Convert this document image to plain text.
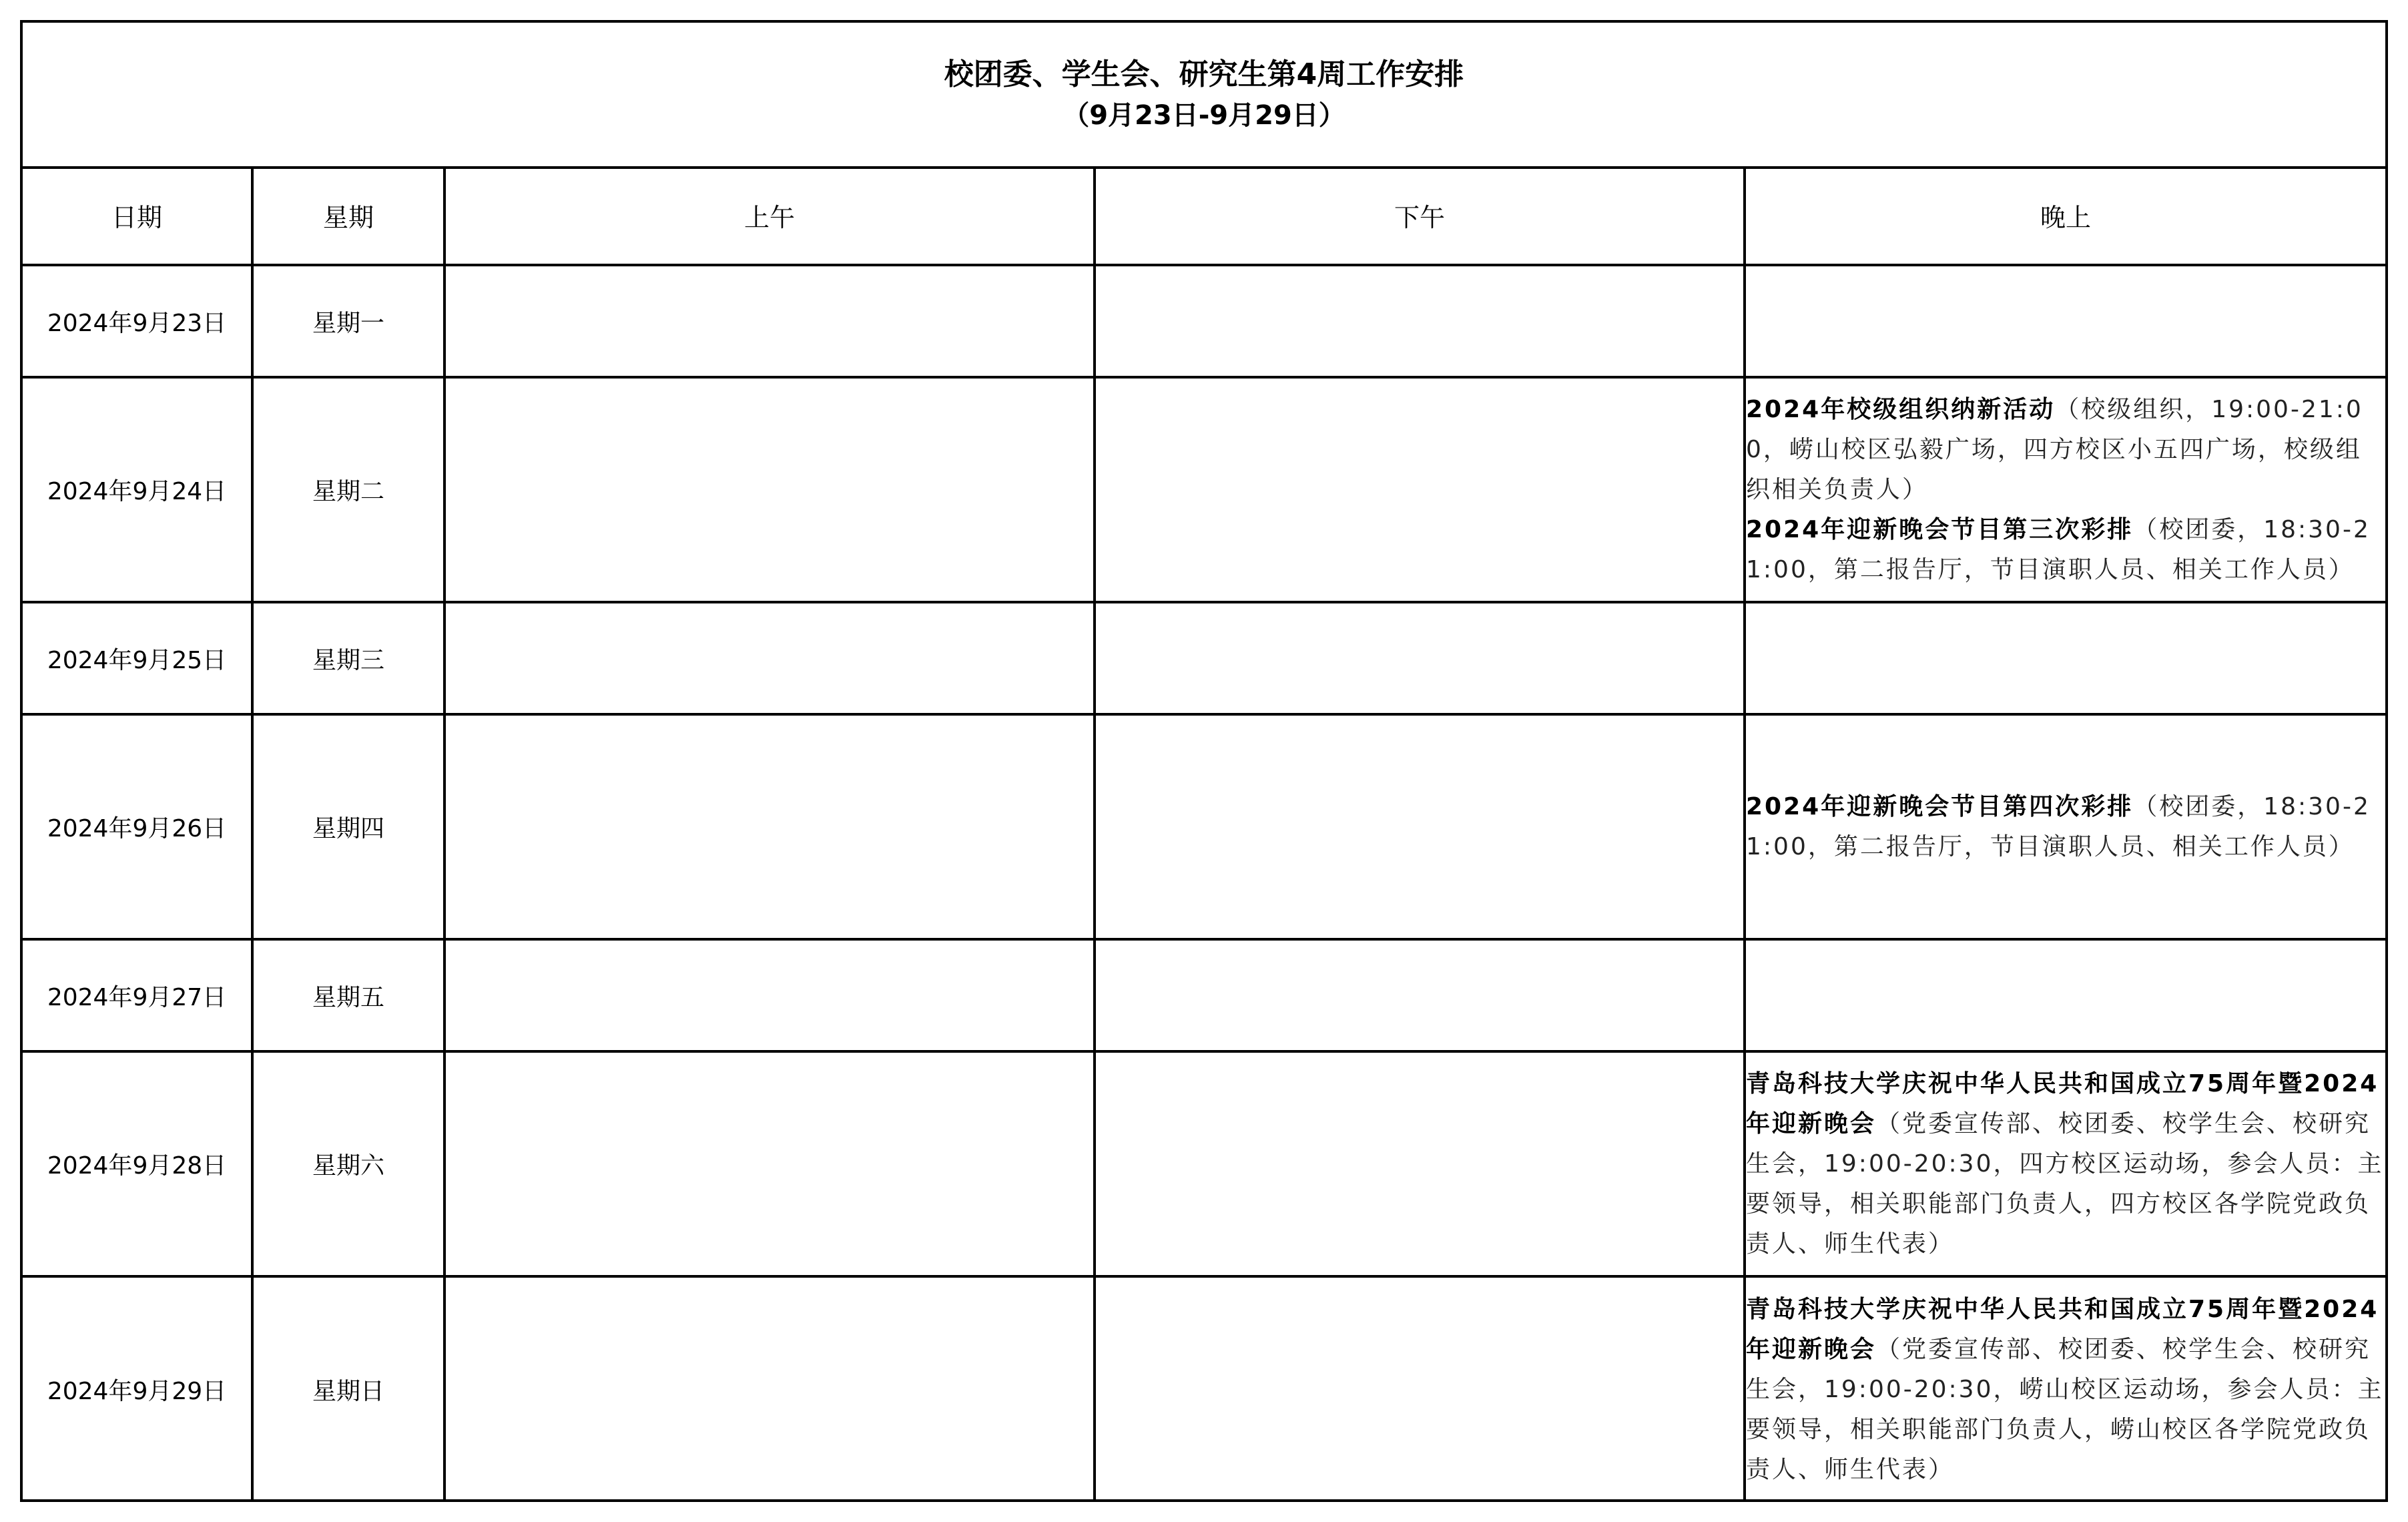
校团委、学生会、研究生第4周工作安排
（9月23日-9月29日）
日期	星期	上午	下午	晚上
2024年9月23日	星期一			
2024年9月24日	星期二			2024年校级组织纳新活动（校级组织，19:00-21:00，崂山校区弘毅广场，四方校区小五四广场，校级组织相关负责人）
2024年迎新晚会节目第三次彩排（校团委，18:30-21:00，第二报告厅，节目演职人员、相关工作人员）

2024年9月25日	星期三			
2024年9月26日	星期四			2024年迎新晚会节目第四次彩排（校团委，18:30-21:00，第二报告厅，节目演职人员、相关工作人员）

2024年9月27日	星期五			
2024年9月28日	星期六			青岛科技大学庆祝中华人民共和国成立75周年暨2024年迎新晚会（党委宣传部、校团委、校学生会、校研究生会，19:00-20:30，四方校区运动场，参会人员：主要领导，相关职能部门负责人，四方校区各学院党政负责人、师生代表）

2024年9月29日	星期日			青岛科技大学庆祝中华人民共和国成立75周年暨2024年迎新晚会（党委宣传部、校团委、校学生会、校研究生会，19:00-20:30，崂山校区运动场，参会人员：主要领导，相关职能部门负责人，崂山校区各学院党政负责人、师生代表）
